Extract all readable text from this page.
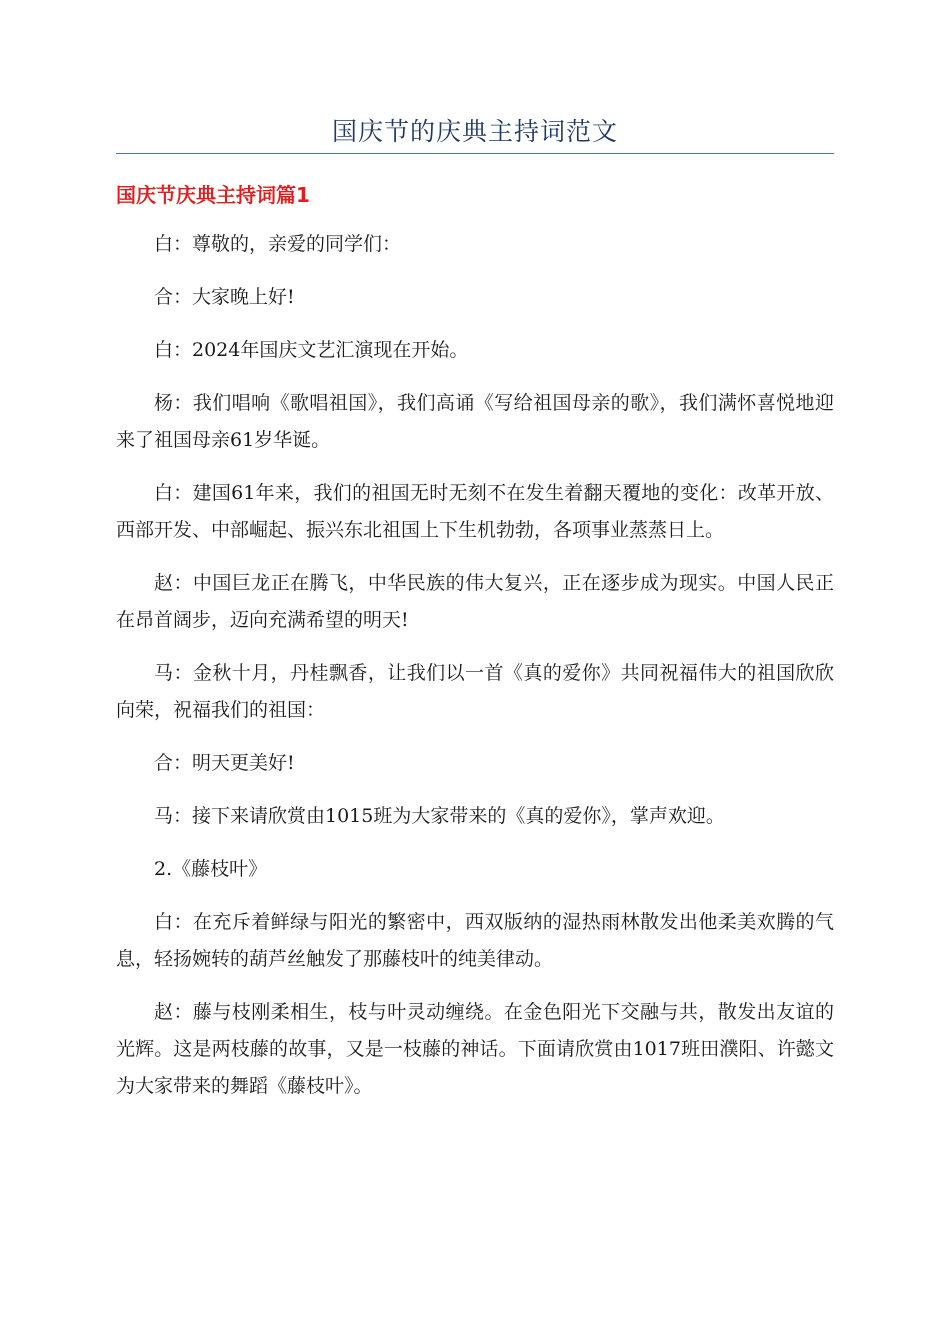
国庆节的庆典主持词范文
国庆节庆典主持词篇1

白：尊敬的，亲爱的同学们：

合：大家晚上好!

白：2024年国庆文艺汇演现在开始。

杨：我们唱响《歌唱祖国》，我们高诵《写给祖国母亲的歌》，我们满怀喜悦地迎来了祖国母亲61岁华诞。

白：建国61年来，我们的祖国无时无刻不在发生着翻天覆地的变化：改革开放、西部开发、中部崛起、振兴东北祖国上下生机勃勃，各项事业蒸蒸日上。

赵：中国巨龙正在腾飞，中华民族的伟大复兴，正在逐步成为现实。中国人民正在昂首阔步，迈向充满希望的明天!

马：金秋十月，丹桂飘香，让我们以一首《真的爱你》共同祝福伟大的祖国欣欣向荣，祝福我们的祖国：

合：明天更美好!

马：接下来请欣赏由1015班为大家带来的《真的爱你》，掌声欢迎。

2.《藤枝叶》

白：在充斥着鲜绿与阳光的繁密中，西双版纳的湿热雨林散发出他柔美欢腾的气息，轻扬婉转的葫芦丝触发了那藤枝叶的纯美律动。

赵：藤与枝刚柔相生，枝与叶灵动缠绕。在金色阳光下交融与共，散发出友谊的光辉。这是两枝藤的故事，又是一枝藤的神话。下面请欣赏由1017班田濮阳、许懿文为大家带来的舞蹈《藤枝叶》。
